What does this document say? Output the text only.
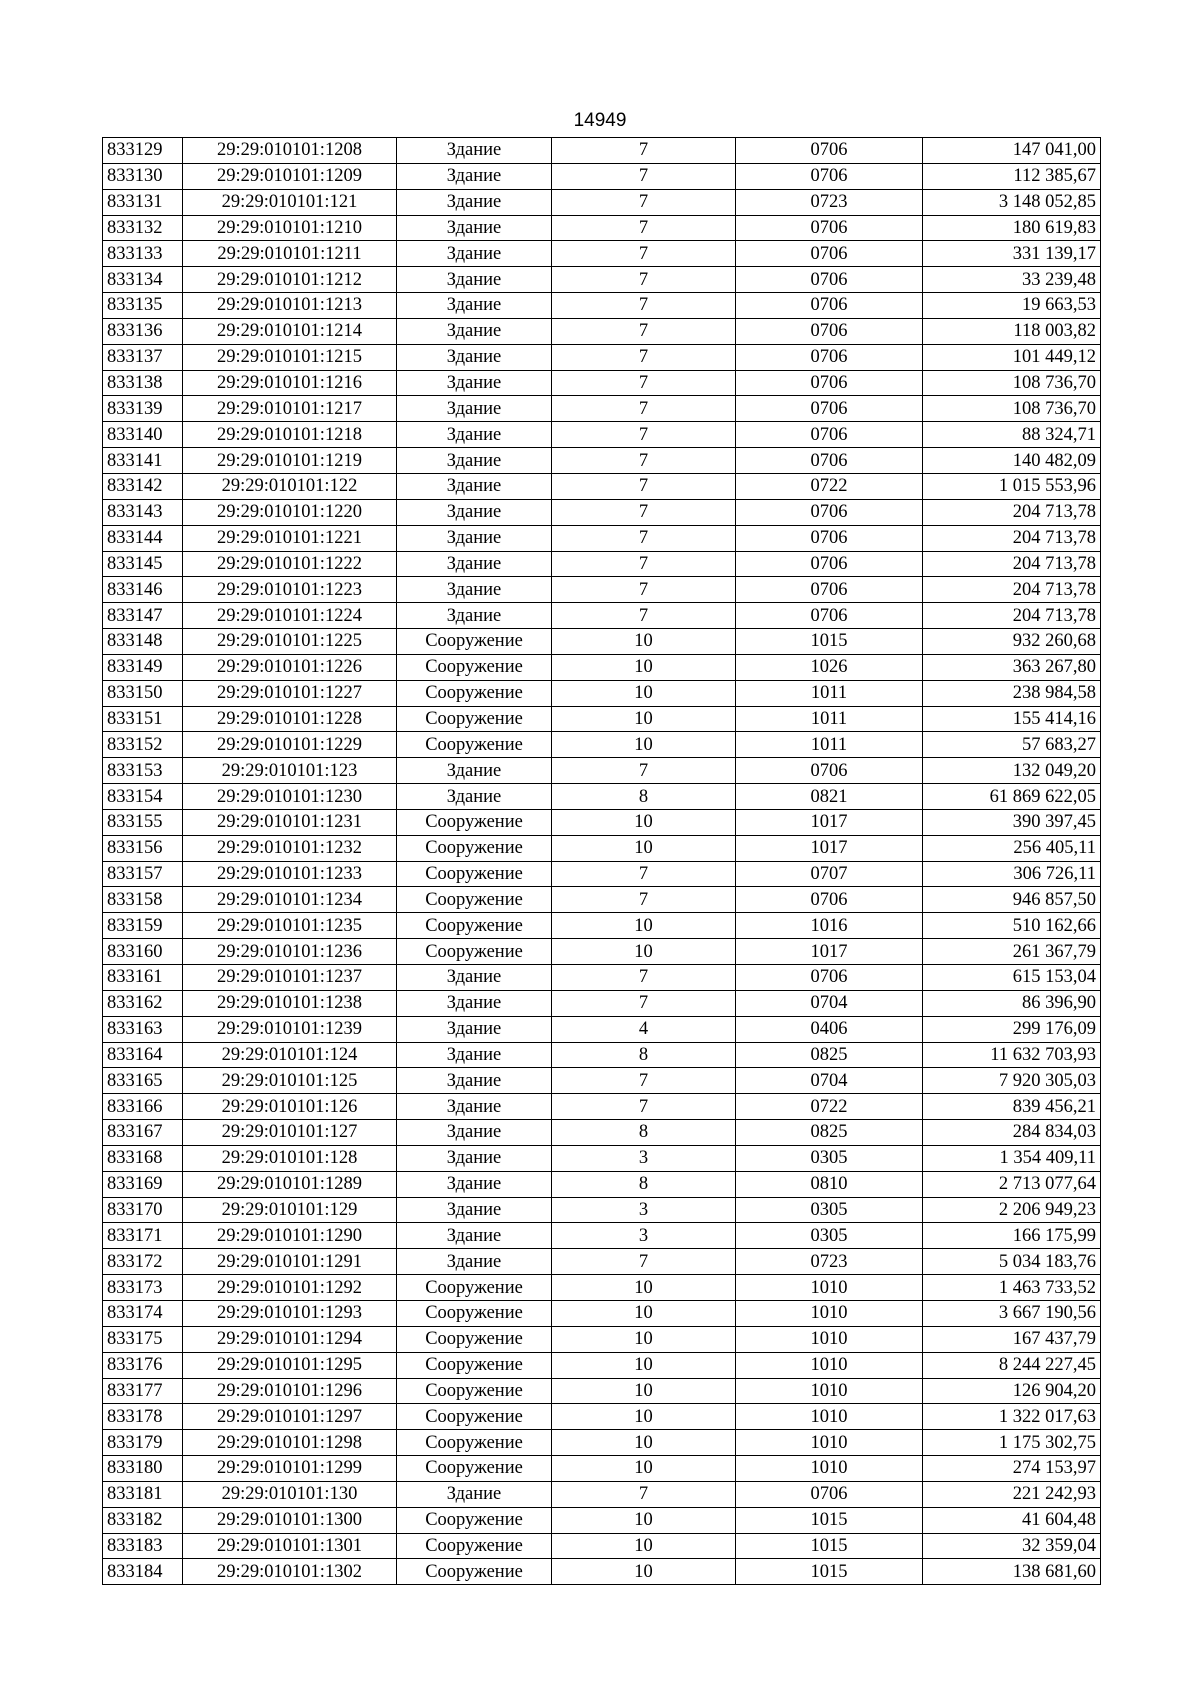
14949
833129	29:29:010101:1208	Здание	7	0706	147 041,00
833130	29:29:010101:1209	Здание	7	0706	112 385,67
833131	29:29:010101:121	Здание	7	0723	3 148 052,85
833132	29:29:010101:1210	Здание	7	0706	180 619,83
833133	29:29:010101:1211	Здание	7	0706	331 139,17
833134	29:29:010101:1212	Здание	7	0706	33 239,48
833135	29:29:010101:1213	Здание	7	0706	19 663,53
833136	29:29:010101:1214	Здание	7	0706	118 003,82
833137	29:29:010101:1215	Здание	7	0706	101 449,12
833138	29:29:010101:1216	Здание	7	0706	108 736,70
833139	29:29:010101:1217	Здание	7	0706	108 736,70
833140	29:29:010101:1218	Здание	7	0706	88 324,71
833141	29:29:010101:1219	Здание	7	0706	140 482,09
833142	29:29:010101:122	Здание	7	0722	1 015 553,96
833143	29:29:010101:1220	Здание	7	0706	204 713,78
833144	29:29:010101:1221	Здание	7	0706	204 713,78
833145	29:29:010101:1222	Здание	7	0706	204 713,78
833146	29:29:010101:1223	Здание	7	0706	204 713,78
833147	29:29:010101:1224	Здание	7	0706	204 713,78
833148	29:29:010101:1225	Сооружение	10	1015	932 260,68
833149	29:29:010101:1226	Сооружение	10	1026	363 267,80
833150	29:29:010101:1227	Сооружение	10	1011	238 984,58
833151	29:29:010101:1228	Сооружение	10	1011	155 414,16
833152	29:29:010101:1229	Сооружение	10	1011	57 683,27
833153	29:29:010101:123	Здание	7	0706	132 049,20
833154	29:29:010101:1230	Здание	8	0821	61 869 622,05
833155	29:29:010101:1231	Сооружение	10	1017	390 397,45
833156	29:29:010101:1232	Сооружение	10	1017	256 405,11
833157	29:29:010101:1233	Сооружение	7	0707	306 726,11
833158	29:29:010101:1234	Сооружение	7	0706	946 857,50
833159	29:29:010101:1235	Сооружение	10	1016	510 162,66
833160	29:29:010101:1236	Сооружение	10	1017	261 367,79
833161	29:29:010101:1237	Здание	7	0706	615 153,04
833162	29:29:010101:1238	Здание	7	0704	86 396,90
833163	29:29:010101:1239	Здание	4	0406	299 176,09
833164	29:29:010101:124	Здание	8	0825	11 632 703,93
833165	29:29:010101:125	Здание	7	0704	7 920 305,03
833166	29:29:010101:126	Здание	7	0722	839 456,21
833167	29:29:010101:127	Здание	8	0825	284 834,03
833168	29:29:010101:128	Здание	3	0305	1 354 409,11
833169	29:29:010101:1289	Здание	8	0810	2 713 077,64
833170	29:29:010101:129	Здание	3	0305	2 206 949,23
833171	29:29:010101:1290	Здание	3	0305	166 175,99
833172	29:29:010101:1291	Здание	7	0723	5 034 183,76
833173	29:29:010101:1292	Сооружение	10	1010	1 463 733,52
833174	29:29:010101:1293	Сооружение	10	1010	3 667 190,56
833175	29:29:010101:1294	Сооружение	10	1010	167 437,79
833176	29:29:010101:1295	Сооружение	10	1010	8 244 227,45
833177	29:29:010101:1296	Сооружение	10	1010	126 904,20
833178	29:29:010101:1297	Сооружение	10	1010	1 322 017,63
833179	29:29:010101:1298	Сооружение	10	1010	1 175 302,75
833180	29:29:010101:1299	Сооружение	10	1010	274 153,97
833181	29:29:010101:130	Здание	7	0706	221 242,93
833182	29:29:010101:1300	Сооружение	10	1015	41 604,48
833183	29:29:010101:1301	Сооружение	10	1015	32 359,04
833184	29:29:010101:1302	Сооружение	10	1015	138 681,60
